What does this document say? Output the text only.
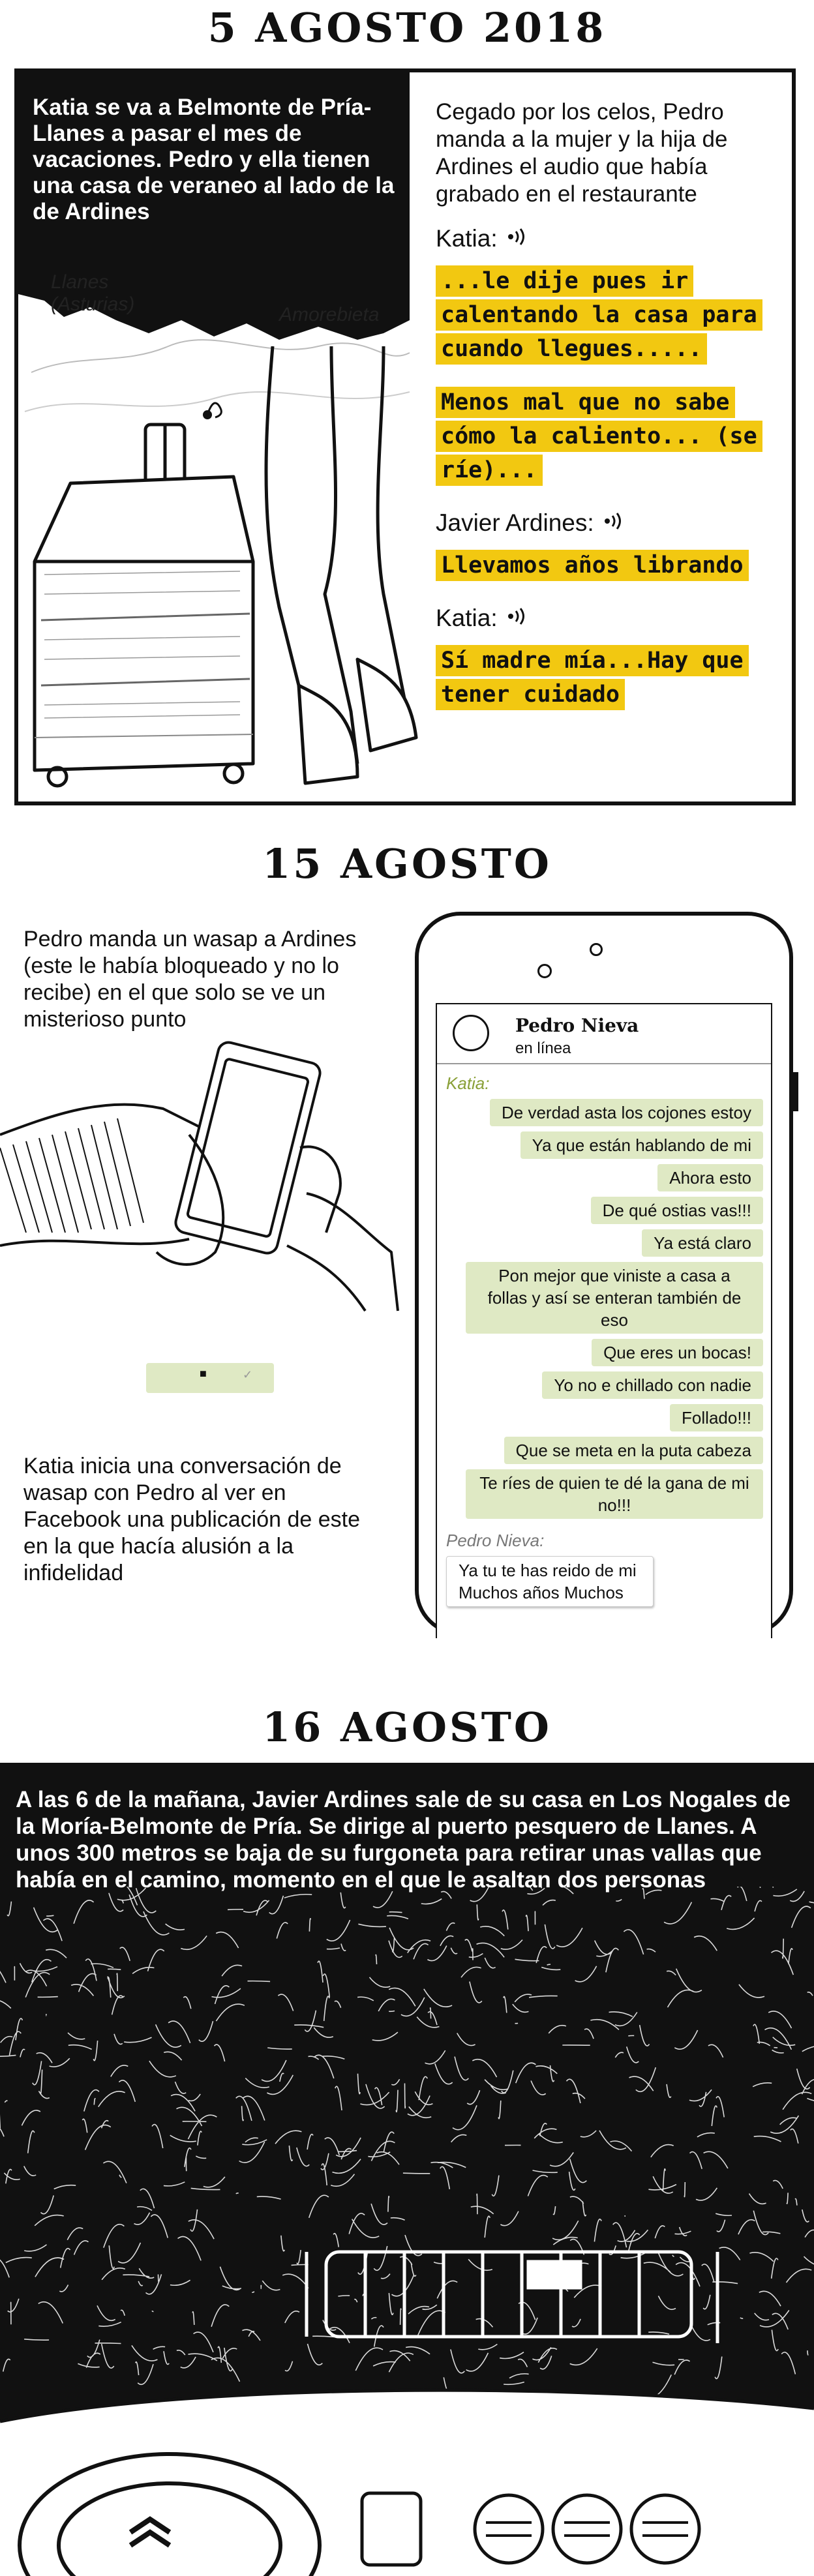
5 AGOSTO 2018
Katia se va a Belmonte de Pría-Llanes a pasar el mes de vacaciones. Pedro y ella tienen una casa de veraneo al lado de la de Ardines
Llanes
(Asturias)	Amorebieta
Cegado por los celos, Pedro manda a la mujer y la hija de Ardines el audio que había grabado en el restaurante
Katia:
...le dije pues ir calentando la casa para cuando llegues.....
Menos mal que no sabe cómo la caliento... (se ríe)...
Javier Ardines:
Llevamos años librando
Katia:
Sí madre mía...Hay que tener cuidado
15 AGOSTO
Pedro manda un wasap a Ardines (este le había bloqueado y no lo recibe) en el que solo se ve un misterioso punto
■	✓
Katia inicia una conversación de wasap con Pedro al ver en Facebook una publicación de este en la que hacía alusión a la infidelidad
Pedro Nieva
en línea
Katia:
De verdad asta los cojones estoy
Ya que están hablando de mi
Ahora esto
De qué ostias vas!!!
Ya está claro
Pon mejor que viniste a casa a follas y así se enteran también de eso
Que eres un bocas!
Yo no e chillado con nadie
Follado!!!
Que se meta en la puta cabeza
Te ríes de quien te dé la gana de mi no!!!
Pedro Nieva:
Ya tu te has reido de mi Muchos años Muchos
16 AGOSTO
A las 6 de la mañana, Javier Ardines sale de su casa en Los Nogales de la Moría-Belmonte de Pría. Se dirige al puerto pesquero de Llanes. A unos 300 metros se baja de su furgoneta para retirar unas vallas que había en el camino, momento en el que le asaltan dos personas
